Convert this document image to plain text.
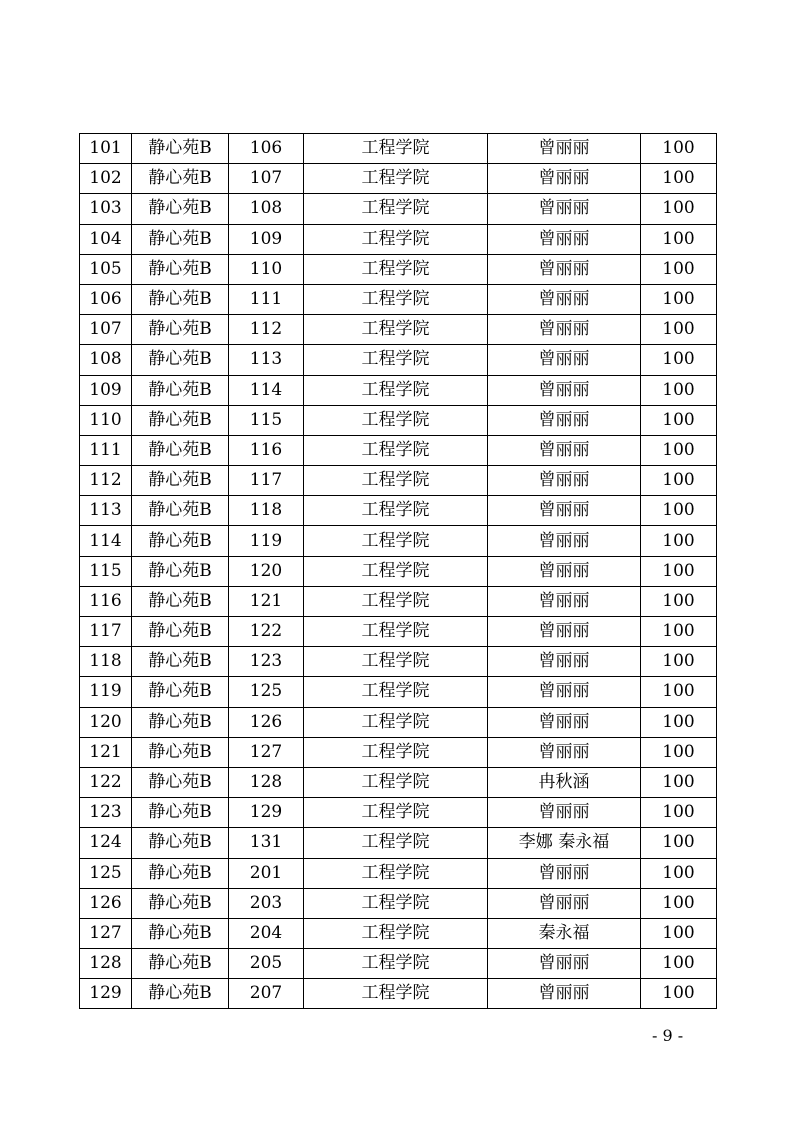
101	静心苑B	106	工程学院	曾丽丽	100
102	静心苑B	107	工程学院	曾丽丽	100
103	静心苑B	108	工程学院	曾丽丽	100
104	静心苑B	109	工程学院	曾丽丽	100
105	静心苑B	110	工程学院	曾丽丽	100
106	静心苑B	111	工程学院	曾丽丽	100
107	静心苑B	112	工程学院	曾丽丽	100
108	静心苑B	113	工程学院	曾丽丽	100
109	静心苑B	114	工程学院	曾丽丽	100
110	静心苑B	115	工程学院	曾丽丽	100
111	静心苑B	116	工程学院	曾丽丽	100
112	静心苑B	117	工程学院	曾丽丽	100
113	静心苑B	118	工程学院	曾丽丽	100
114	静心苑B	119	工程学院	曾丽丽	100
115	静心苑B	120	工程学院	曾丽丽	100
116	静心苑B	121	工程学院	曾丽丽	100
117	静心苑B	122	工程学院	曾丽丽	100
118	静心苑B	123	工程学院	曾丽丽	100
119	静心苑B	125	工程学院	曾丽丽	100
120	静心苑B	126	工程学院	曾丽丽	100
121	静心苑B	127	工程学院	曾丽丽	100
122	静心苑B	128	工程学院	冉秋涵	100
123	静心苑B	129	工程学院	曾丽丽	100
124	静心苑B	131	工程学院	李娜 秦永福	100
125	静心苑B	201	工程学院	曾丽丽	100
126	静心苑B	203	工程学院	曾丽丽	100
127	静心苑B	204	工程学院	秦永福	100
128	静心苑B	205	工程学院	曾丽丽	100
129	静心苑B	207	工程学院	曾丽丽	100
- 9 -
